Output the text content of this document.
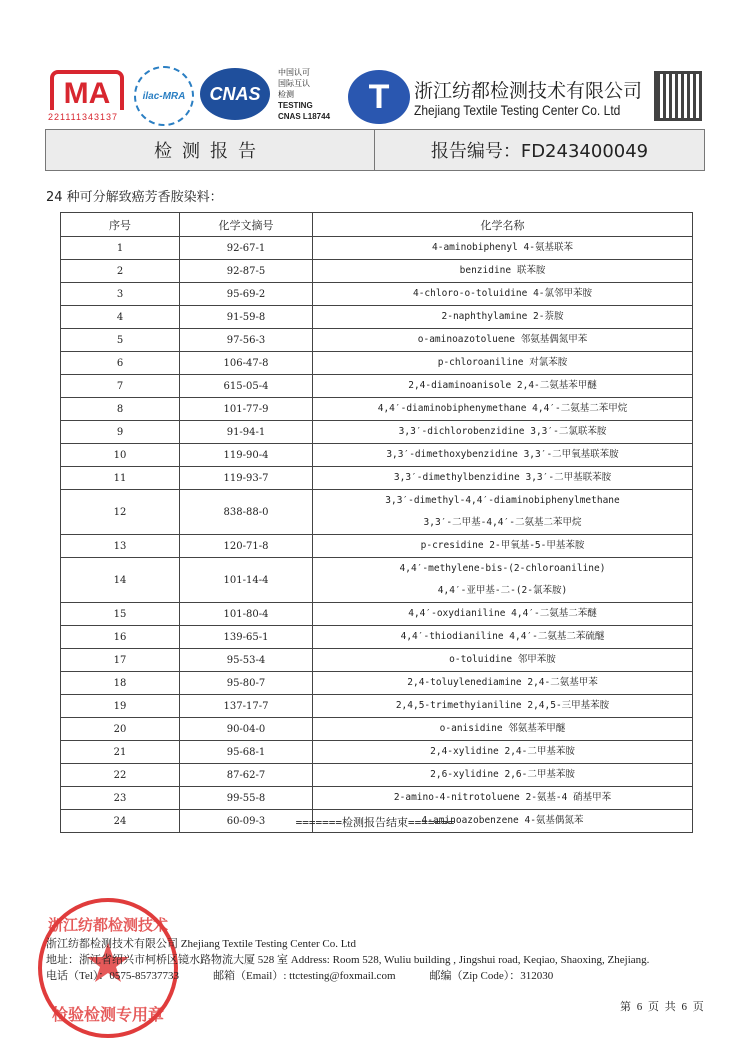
MA
221111343137
ilac-MRA	CNAS
中国认可
国际互认
检测
TESTING
CNAS L18744
T	浙江纺都检测技术有限公司
Zhejiang Textile Testing Center Co. Ltd
检测报告	报告编号：FD243400049
24 种可分解致癌芳香胺染料：
序号	化学文摘号	化学名称
1	92-67-1	4-aminobiphenyl 4-氨基联苯

2	92-87-5	benzidine 联苯胺

3	95-69-2	4-chloro-o-toluidine 4-氯邻甲苯胺

4	91-59-8	2-naphthylamine 2-萘胺

5	97-56-3	o-aminoazotoluene 邻氨基偶氮甲苯

6	106-47-8	p-chloroaniline 对氯苯胺

7	615-05-4	2,4-diaminoanisole 2,4-二氨基苯甲醚

8	101-77-9	4,4′-diaminobiphenymethane 4,4′-二氨基二苯甲烷

9	91-94-1	3,3′-dichlorobenzidine 3,3′-二氯联苯胺

10	119-90-4	3,3′-dimethoxybenzidine 3,3′-二甲氧基联苯胺

11	119-93-7	3,3′-dimethylbenzidine 3,3′-二甲基联苯胺

12	838-88-0	3,3′-dimethyl-4,4′-diaminobiphenylmethane
3,3′-二甲基-4,4′-二氨基二苯甲烷

13	120-71-8	p-cresidine 2-甲氧基-5-甲基苯胺

14	101-14-4	4,4′-methylene-bis-(2-chloroaniline)
4,4′-亚甲基-二-(2-氯苯胺)

15	101-80-4	4,4′-oxydianiline 4,4′-二氨基二苯醚

16	139-65-1	4,4′-thiodianiline 4,4′-二氨基二苯硫醚

17	95-53-4	o-toluidine 邻甲苯胺

18	95-80-7	2,4-toluylenediamine 2,4-二氨基甲苯

19	137-17-7	2,4,5-trimethyianiline 2,4,5-三甲基苯胺

20	90-04-0	o-anisidine 邻氨基苯甲醚

21	95-68-1	2,4-xylidine 2,4-二甲基苯胺

22	87-62-7	2,6-xylidine 2,6-二甲基苯胺

23	99-55-8	2-amino-4-nitrotoluene 2-氨基-4 硝基甲苯

24	60-09-3	4-aminoazobenzene 4-氨基偶氮苯
=======检测报告结束=======
浙江纺都检测技术
检验检测专用章
浙江纺都检测技术有限公司 Zhejiang Textile Testing Center Co. Ltd
地址：浙江省绍兴市柯桥区镜水路物流大厦 528 室 Address: Room 528, Wuliu building , Jingshui road, Keqiao, Shaoxing, Zhejiang.
电话（Tel）：0575-85737733	邮箱（Email）: ttctesting@foxmail.com	邮编（Zip Code）：312030
第 6 页 共 6 页
